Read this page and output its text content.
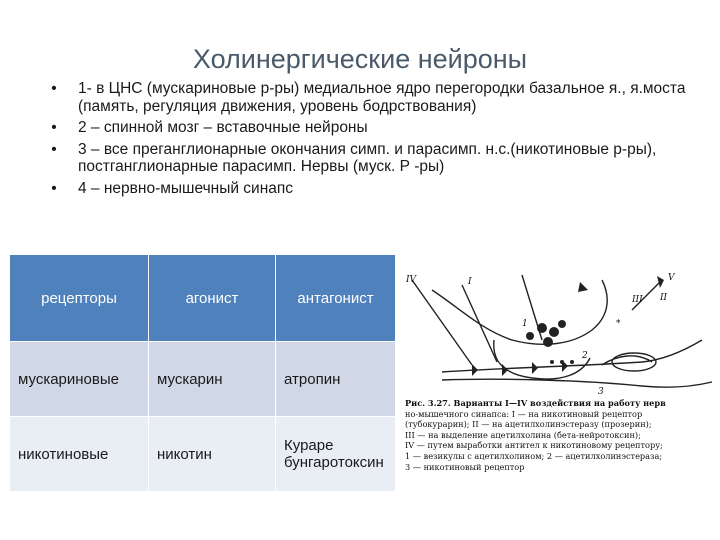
Холинергические нейроны
•	1- в ЦНС (мускариновые р-ры) медиальное ядро перегородки базальное я., я.моста (память, регуляция движения, уровень бодрствования)
•	2 – спинной мозг – вставочные нейроны
•	3 – все преганглионарные окончания симп. и парасимп. н.с.(никотиновые р-ры), постганглионарные парасимп. Нервы (муск. Р -ры)
•	4 – нервно-мышечный синапс
рецепторы	агонист	антагонист
мускариновые	мускарин	атропин
никотиновые	никотин	Кураре бунгаротоксин
IV	I
II
III
V
1
2
3
*
Рис. 3.27. Варианты I—IV воздействия на работу нерв
но-мышечного синапса: I — на никотиновый рецептор
(тубокурарин); II — на ацетилхолинэстеразу (прозерин);
III — на выделение ацетилхолина (бета-нейротоксин);
IV — путем выработки антител к никотиновому рецептору;
1 — везикулы с ацетилхолином; 2 — ацетилхолинэстераза;
3 — никотиновый рецептор
